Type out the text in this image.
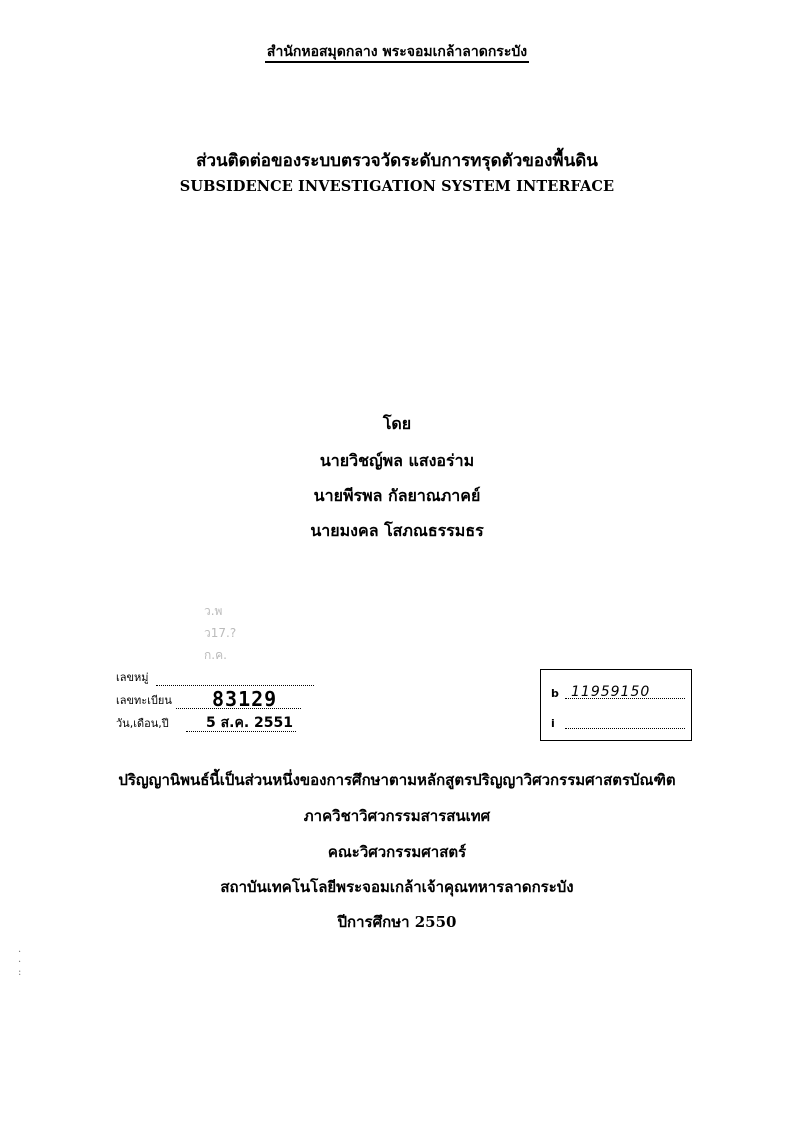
สำนักหอสมุดกลาง พระจอมเกล้าลาดกระบัง
ส่วนติดต่อของระบบตรวจวัดระดับการทรุดตัวของพื้นดิน
SUBSIDENCE INVESTIGATION SYSTEM INTERFACE
โดย
นายวิชญ์พล แสงอร่าม
นายพีรพล กัลยาณภาคย์
นายมงคล โสภณธรรมธร
ว.พ
ว17.?
ก.ค.
เลขหมู่
เลขทะเบียน 83129
วัน,เดือน,ปี	5 ส.ค. 2551
b 11959150
i
ปริญญานิพนธ์นี้เป็นส่วนหนึ่งของการศึกษาตามหลักสูตรปริญญาวิศวกรรมศาสตรบัณฑิต
ภาควิชาวิศวกรรมสารสนเทศ
คณะวิศวกรรมศาสตร์
สถาบันเทคโนโลยีพระจอมเกล้าเจ้าคุณทหารลาดกระบัง
ปีการศึกษา 2550
·
·
:
